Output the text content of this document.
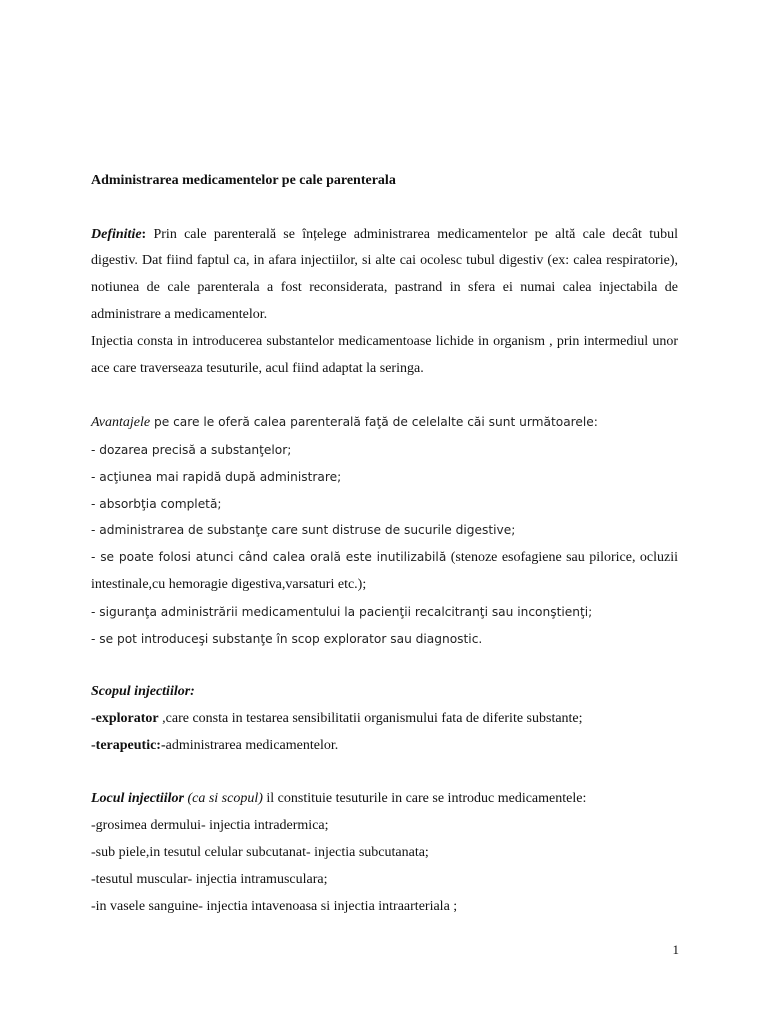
Administrarea medicamentelor pe cale parenterala

Definitie: Prin cale parenterală se înțelege administrarea medicamentelor pe altă cale decât tubul digestiv. Dat fiind faptul ca, in afara injectiilor, si alte cai ocolesc tubul digestiv (ex: calea respiratorie), notiunea de cale parenterala a fost reconsiderata, pastrand in sfera ei numai calea injectabila de administrare a medicamentelor.

Injectia consta in introducerea substantelor medicamentoase lichide in organism , prin intermediul unor ace care traverseaza tesuturile, acul fiind adaptat la seringa.

Avantajele pe care le oferă calea parenterală faţă de celelalte căi sunt următoarele:

- dozarea precisă a substanţelor;

- acţiunea mai rapidă după administrare;

- absorbţia completă;

- administrarea de substanţe care sunt distruse de sucurile digestive;

- se poate folosi atunci când calea orală este inutilizabilă (stenoze esofagiene sau pilorice, ocluzii intestinale,cu hemoragie digestiva,varsaturi etc.);

- siguranţa administrării medicamentului la pacienţii recalcitranţi sau inconştienţi;

- se pot introduceşi substanţe în scop explorator sau diagnostic.

Scopul injectiilor:

-explorator ,care consta in testarea sensibilitatii organismului fata de diferite substante;

-terapeutic:-administrarea medicamentelor.

Locul injectiilor (ca si scopul) il constituie tesuturile in care se introduc medicamentele:

-grosimea dermului- injectia intradermica;

-sub piele,in tesutul celular subcutanat- injectia subcutanata;

-tesutul muscular- injectia intramusculara;

-in vasele sanguine- injectia intavenoasa si injectia intraarteriala ;

1
